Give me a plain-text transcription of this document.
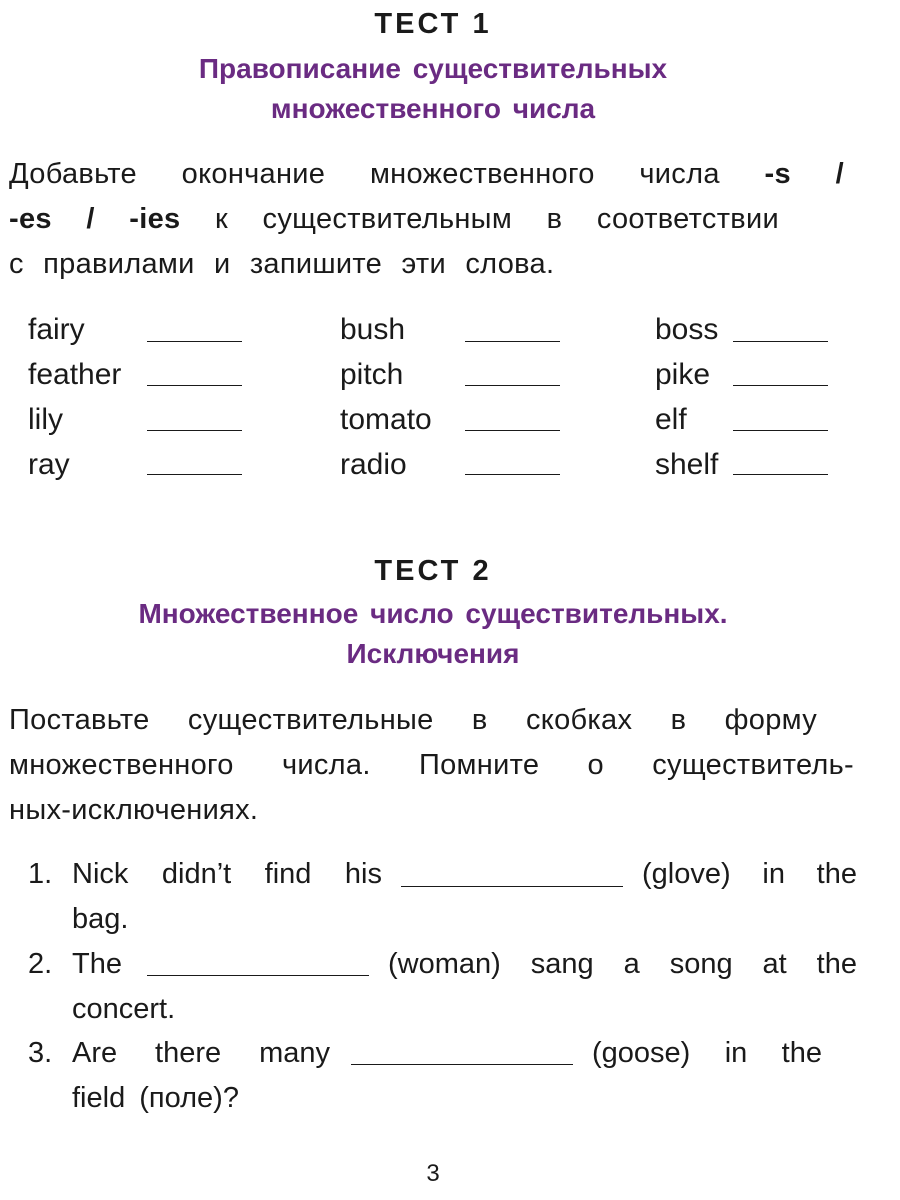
ТЕСТ 1
Правописание существительных
множественного числа
Добавьте окончание множественного числа -s /
-es / -ies к существительным в соответствии
с правилами и запишите эти слова.
fairy	bush	boss
feather	pitch	pike
lily	tomato	elf
ray	radio	shelf
ТЕСТ 2
Множественное число существительных.
Исключения
Поставьте существительные в скобках в форму
множественного числа. Помните о существитель-
ных-исключениях.
1. Nick didn’t find his	(glove) in the
bag.
2. The	(woman) sang a song at the
concert.
3. Are there many	(goose) in the
field (поле)?
3
